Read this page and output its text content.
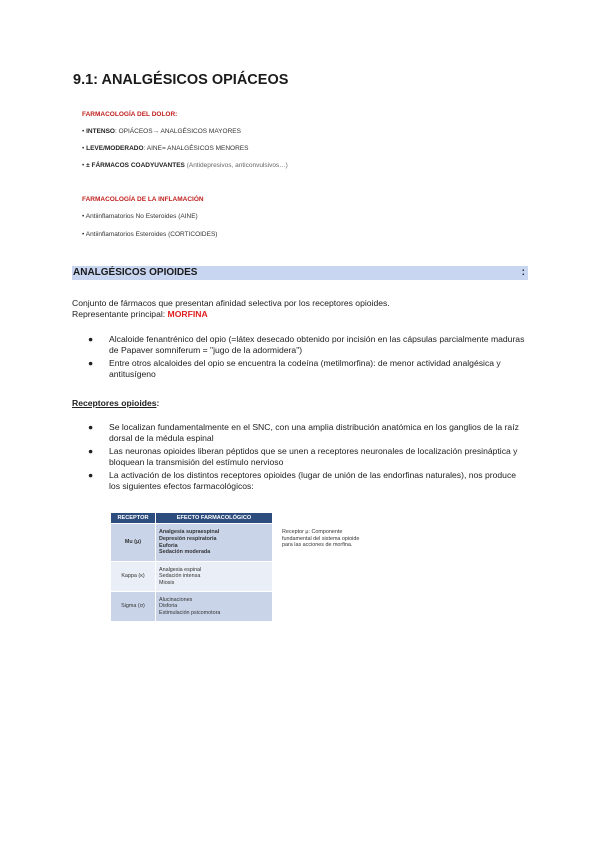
9.1: ANALGÉSICOS OPIÁCEOS
FARMACOLOGÍA DEL DOLOR:
• INTENSO: OPIÁCEOS→ ANALGÉSICOS MAYORES
• LEVE/MODERADO: AINE= ANALGÉSICOS MENORES
• ± FÁRMACOS COADYUVANTES (Antidepresivos, anticonvulsivos…)
FARMACOLOGÍA DE LA INFLAMACIÓN
• Antiinflamatorios No Esteroides (AINE)
• Antiinflamatorios Esteroides (CORTICOIDES)
ANALGÉSICOS OPIOIDES	:
Conjunto de fármacos que presentan afinidad selectiva por los receptores opioides.
Representante principal: MORFINA
● Alcaloide fenantrénico del opio (=látex desecado obtenido por incisión en las cápsulas parcialmente maduras de Papaver somniferum = "jugo de la adormidera")
● Entre otros alcaloides del opio se encuentra la codeína (metilmorfina): de menor actividad analgésica y antitusígeno
Receptores opioides:
● Se localizan fundamentalmente en el SNC, con una amplia distribución anatómica en los ganglios de la raíz dorsal de la médula espinal
● Las neuronas opioides liberan péptidos que se unen a receptores neuronales de localización presináptica y bloquean la transmisión del estímulo nervioso
● La activación de los distintos receptores opioides (lugar de unión de las endorfinas naturales), nos produce los siguientes efectos farmacológicos:
RECEPTOR	EFECTO FARMACOLÓGICO
Mu (μ)	Analgesia supraespinal
Depresión respiratoria
Euforia
Sedación moderada

Kappa (κ)	Analgesia espinal
Sedación intensa
Miosis

Sigma (σ)	Alucinaciones
Disforia
Estimulación psicomotora
Receptor μ: Componente fundamental del sistema opioide para las acciones de morfina.
